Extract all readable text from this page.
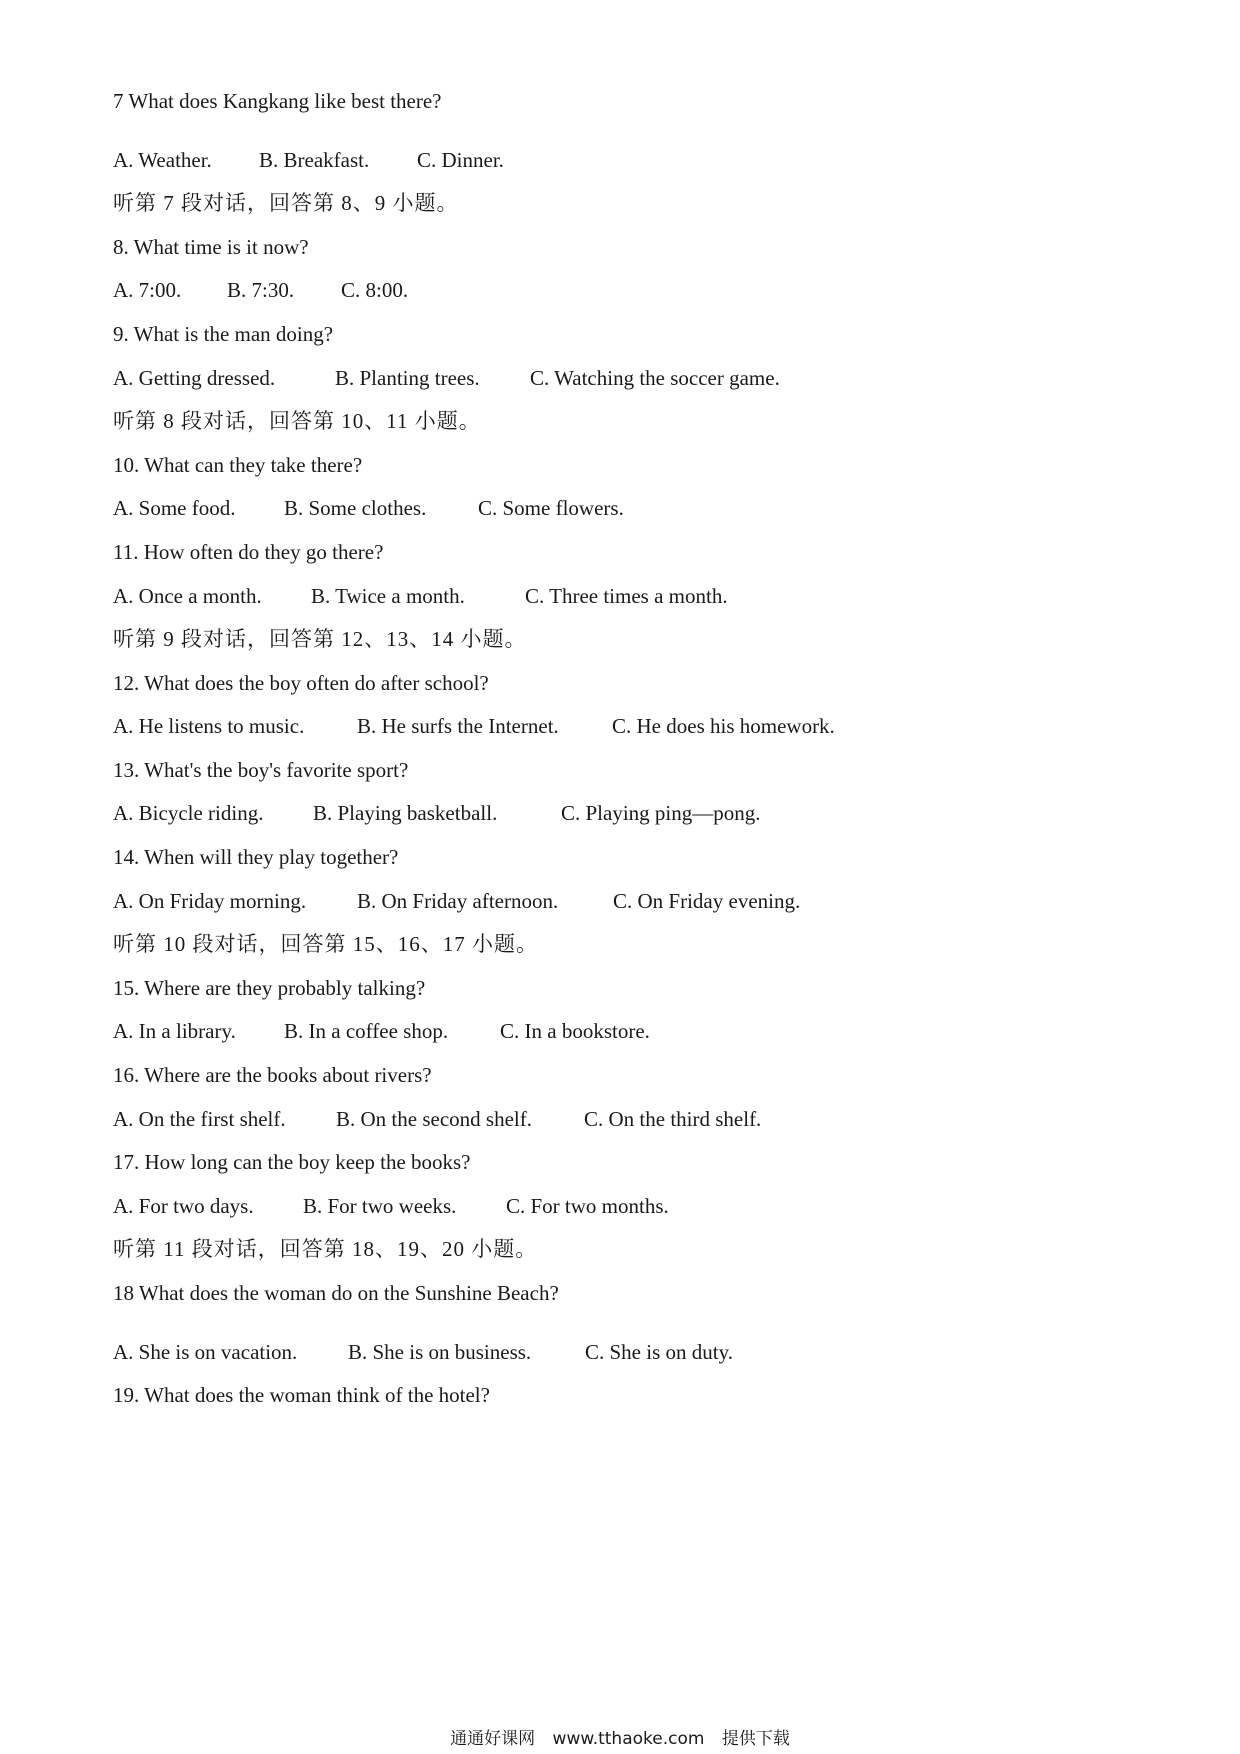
7 What does Kangkang like best there?
A. Weather. B. Breakfast. C. Dinner.
听第 7 段对话，回答第 8、9 小题。
8. What time is it now?
A. 7:00. B. 7:30. C. 8:00.
9. What is the man doing?
A. Getting dressed.	B. Planting trees. C. Watching the soccer game.
听第 8 段对话，回答第 10、11 小题。
10. What can they take there?
A. Some food. B. Some clothes. C. Some flowers.
11. How often do they go there?
A. Once a month. B. Twice a month.	C. Three times a month.
听第 9 段对话，回答第 12、13、14 小题。
12. What does the boy often do after school?
A. He listens to music.	B. He surfs the Internet.	C. He does his homework.
13. What's the boy's favorite sport?
A. Bicycle riding. B. Playing basketball.	C. Playing ping—pong.
14. When will they play together?
A. On Friday morning. B. On Friday afternoon.	C. On Friday evening.
听第 10 段对话，回答第 15、16、17 小题。
15. Where are they probably talking?
A. In a library. B. In a coffee shop. C. In a bookstore.
16. Where are the books about rivers?
A. On the first shelf. B. On the second shelf. C. On the third shelf.
17. How long can the boy keep the books?
A. For two days. B. For two weeks. C. For two months.
听第 11 段对话，回答第 18、19、20 小题。
18 What does the woman do on the Sunshine Beach?
A. She is on vacation. B. She is on business.	C. She is on duty.
19. What does the woman think of the hotel?
通通好课网 www.tthaoke.com 提供下载
